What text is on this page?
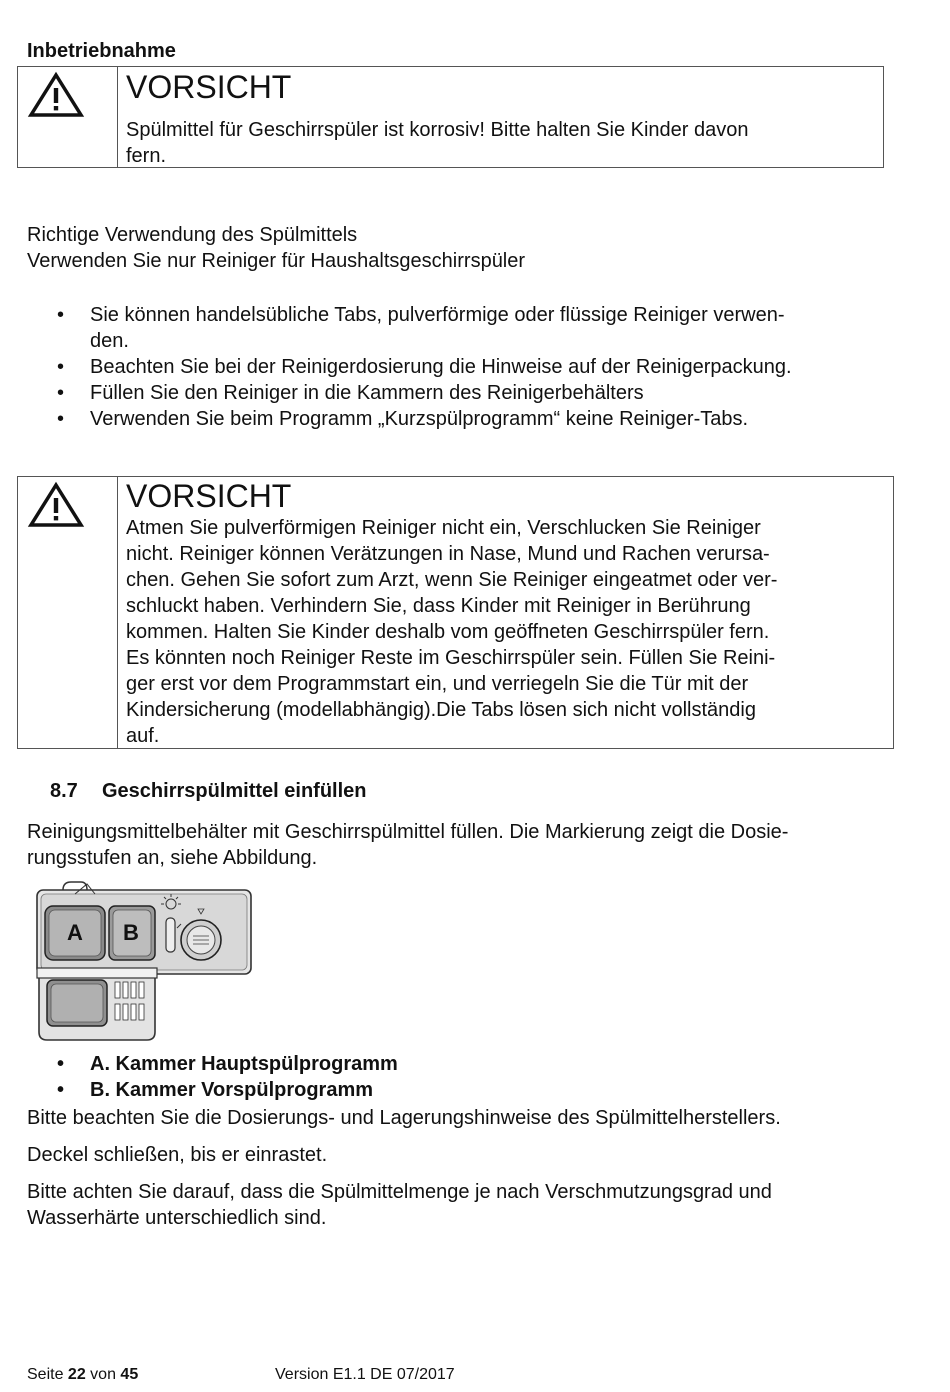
Inbetriebnahme
VORSICHT
Spülmittel für Geschirrspüler ist korrosiv! Bitte halten Sie Kinder davon
fern.
Richtige Verwendung des Spülmittels
Verwenden Sie nur Reiniger für Haushaltsgeschirrspüler
• Sie können handelsübliche Tabs, pulverförmige oder flüssige Reiniger verwen-
den.
• Beachten Sie bei der Reinigerdosierung die Hinweise auf der Reinigerpackung.
• Füllen Sie den Reiniger in die Kammern des Reinigerbehälters
• Verwenden Sie beim Programm „Kurzspülprogramm“ keine Reiniger-Tabs.
VORSICHT
Atmen Sie pulverförmigen Reiniger nicht ein, Verschlucken Sie Reiniger
nicht. Reiniger können Verätzungen in Nase, Mund und Rachen verursa-
chen. Gehen Sie sofort zum Arzt, wenn Sie Reiniger eingeatmet oder ver-
schluckt haben. Verhindern Sie, dass Kinder mit Reiniger in Berührung
kommen. Halten Sie Kinder deshalb vom geöffneten Geschirrspüler fern.
Es könnten noch Reiniger Reste im Geschirrspüler sein. Füllen Sie Reini-
ger erst vor dem Programmstart ein, und verriegeln Sie die Tür mit der
Kindersicherung (modellabhängig).Die Tabs lösen sich nicht vollständig
auf.
8.7 Geschirrspülmittel einfüllen
Reinigungsmittelbehälter mit Geschirrspülmittel füllen. Die Markierung zeigt die Dosie-
rungsstufen an, siehe Abbildung.
A B
• A. Kammer Hauptspülprogramm
• B. Kammer Vorspülprogramm
Bitte beachten Sie die Dosierungs- und Lagerungshinweise des Spülmittelherstellers.
Deckel schließen, bis er einrastet.
Bitte achten Sie darauf, dass die Spülmittelmenge je nach Verschmutzungsgrad und
Wasserhärte unterschiedlich sind.
Seite 22 von 45	Version E1.1 DE 07/2017
